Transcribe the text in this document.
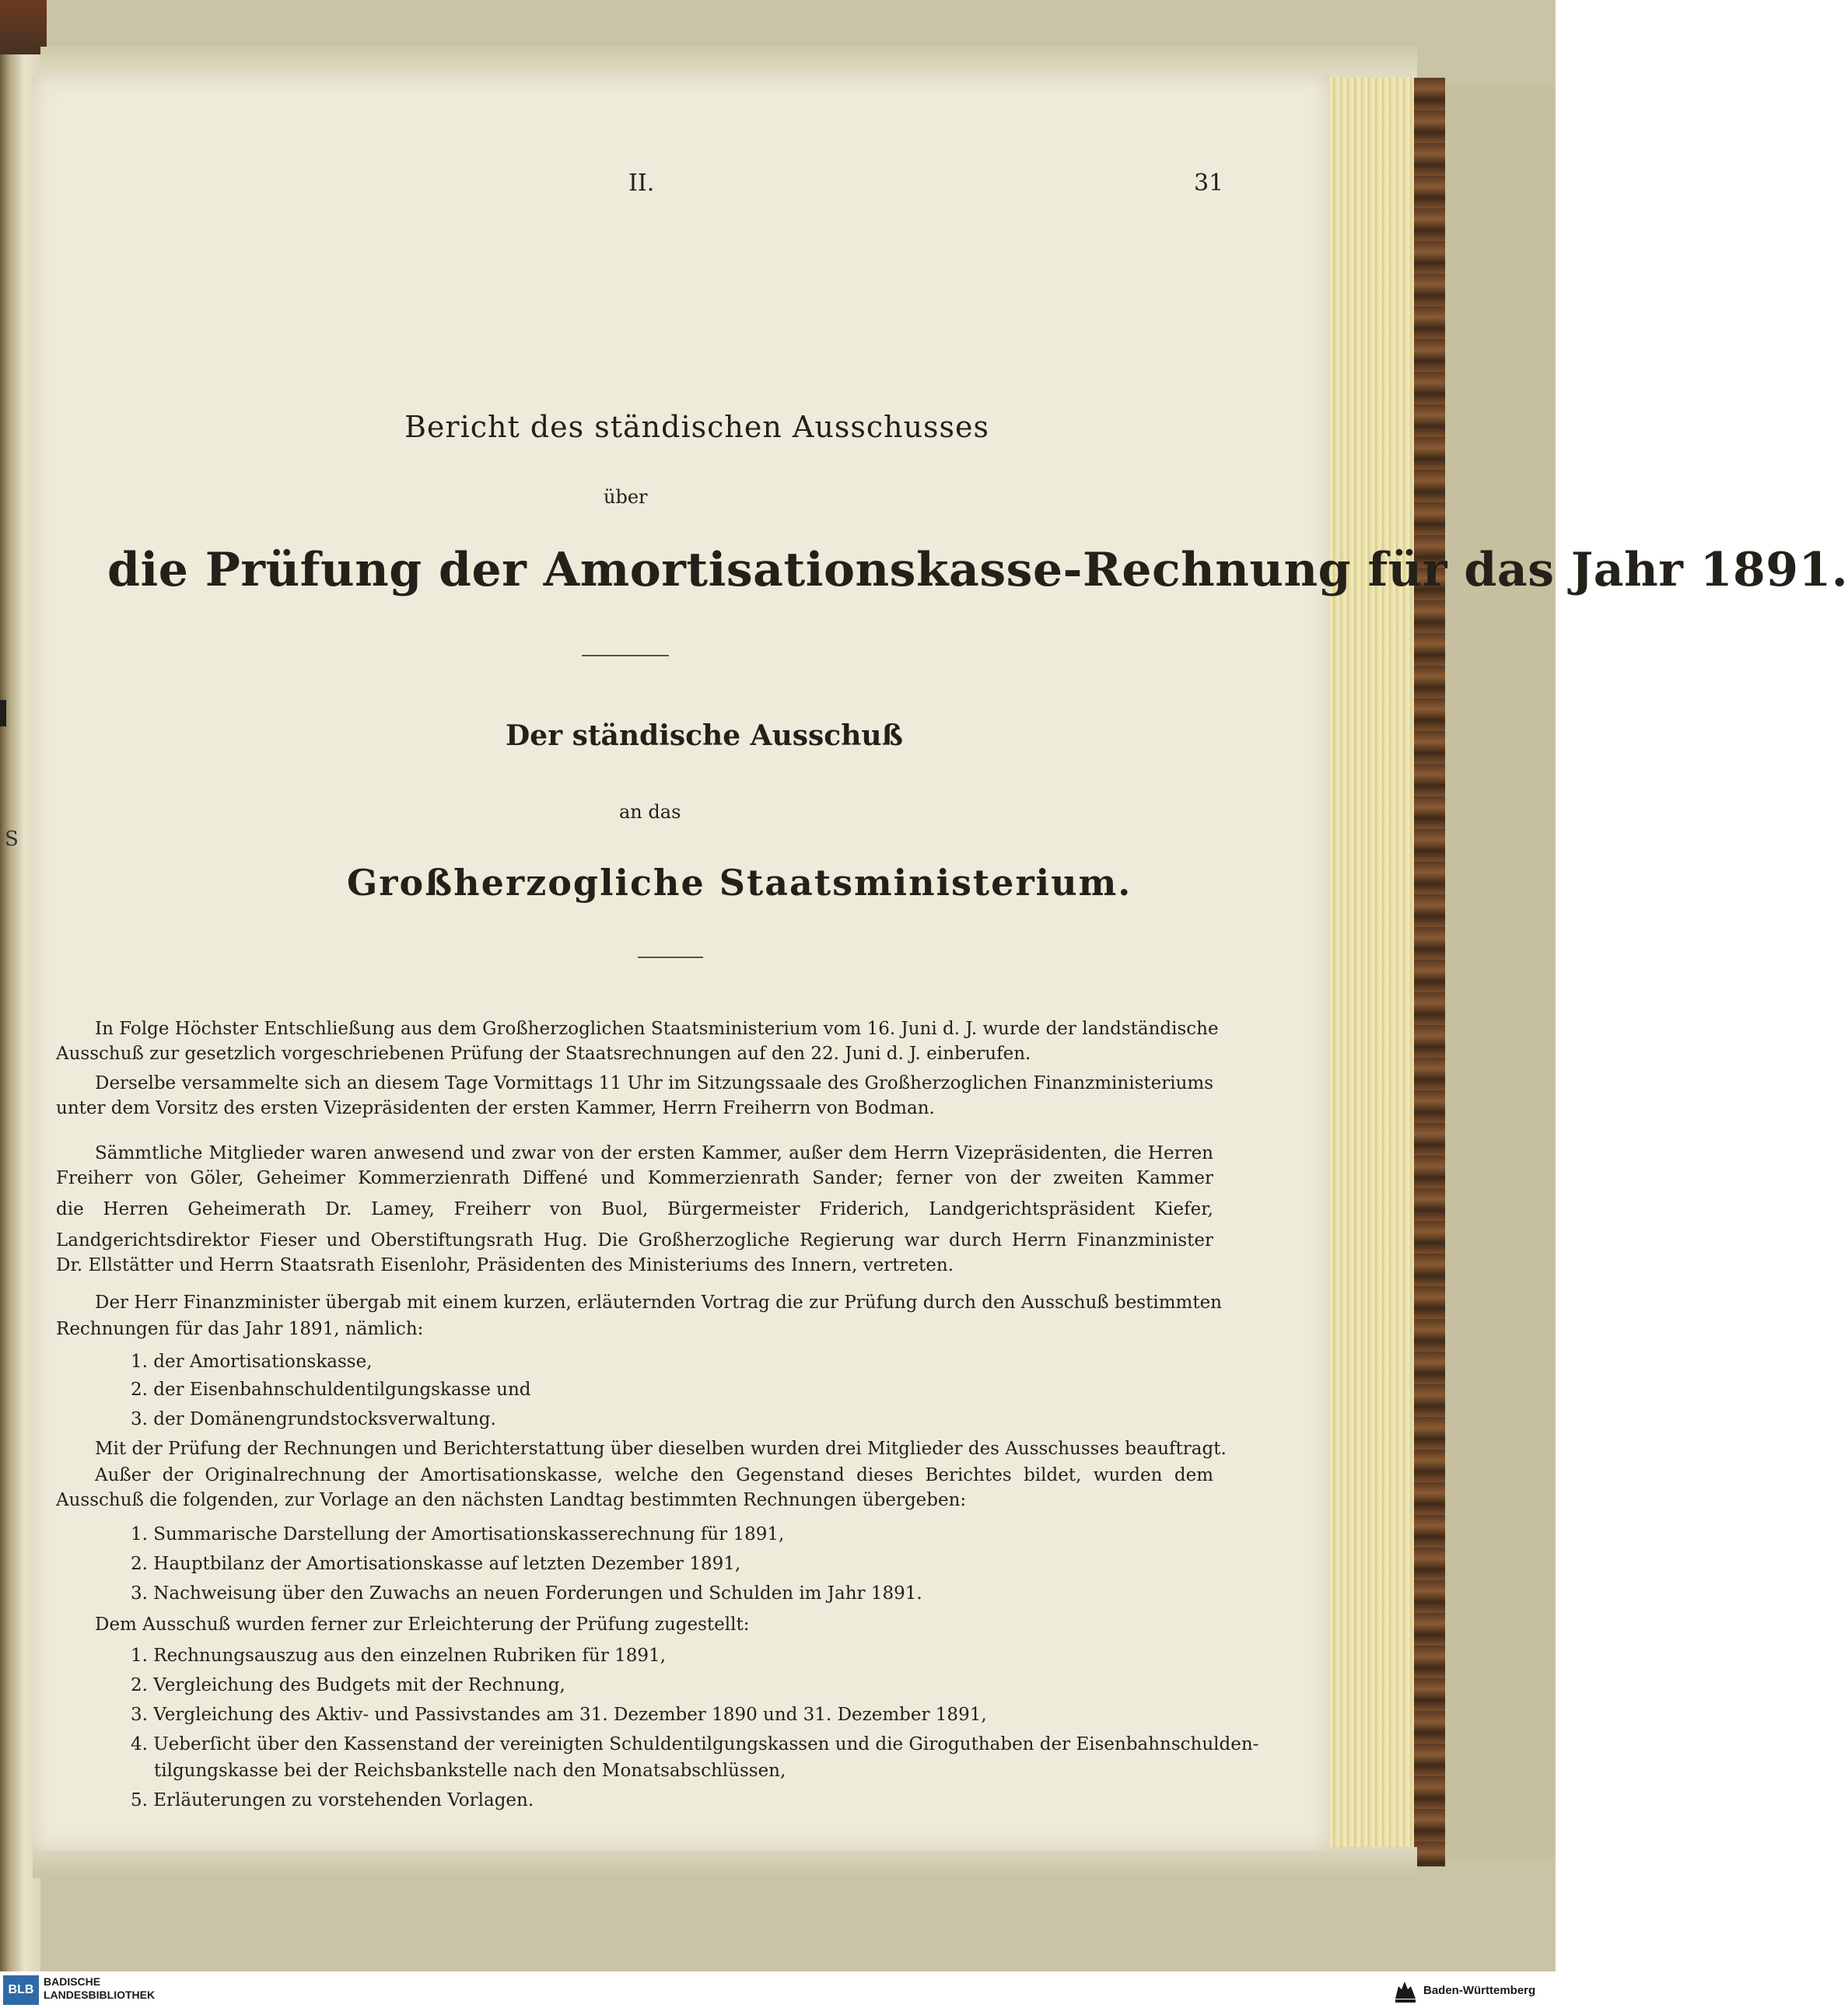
S
II.	31
Bericht des ständischen Ausschusses
über
die Prüfung der Amortisationskasse-Rechnung für das Jahr 1891.
Der ständische Ausschuß
an das
Großherzogliche Staatsministerium.
In Folge Höchster Entschließung aus dem Großherzoglichen Staatsministerium vom 16. Juni d. J. wurde der landständische
Ausschuß zur gesetzlich vorgeschriebenen Prüfung der Staatsrechnungen auf den 22. Juni d. J. einberufen.
Derselbe versammelte sich an diesem Tage Vormittags 11 Uhr im Sitzungssaale des Großherzoglichen Finanzministeriums
unter dem Vorsitz des ersten Vizepräsidenten der ersten Kammer, Herrn Freiherrn von Bodman.
Sämmtliche Mitglieder waren anwesend und zwar von der ersten Kammer, außer dem Herrn Vizepräsidenten, die Herren
Freiherr von Göler, Geheimer Kommerzienrath Diffené und Kommerzienrath Sander; ferner von der zweiten Kammer
die Herren Geheimerath Dr. Lamey, Freiherr von Buol, Bürgermeister Friderich, Landgerichtspräsident Kiefer,
Landgerichtsdirektor Fieser und Oberstiftungsrath Hug. Die Großherzogliche Regierung war durch Herrn Finanzminister
Dr. Ellstätter und Herrn Staatsrath Eisenlohr, Präsidenten des Ministeriums des Innern, vertreten.
Der Herr Finanzminister übergab mit einem kurzen, erläuternden Vortrag die zur Prüfung durch den Ausschuß bestimmten
Rechnungen für das Jahr 1891, nämlich:
1. der Amortisationskasse,
2. der Eisenbahnschuldentilgungskasse und
3. der Domänengrundstocksverwaltung.
Mit der Prüfung der Rechnungen und Berichterstattung über dieselben wurden drei Mitglieder des Ausschusses beauftragt.
Außer der Originalrechnung der Amortisationskasse, welche den Gegenstand dieses Berichtes bildet, wurden dem
Ausschuß die folgenden, zur Vorlage an den nächsten Landtag bestimmten Rechnungen übergeben:
1. Summarische Darstellung der Amortisationskasserechnung für 1891,
2. Hauptbilanz der Amortisationskasse auf letzten Dezember 1891,
3. Nachweisung über den Zuwachs an neuen Forderungen und Schulden im Jahr 1891.
Dem Ausschuß wurden ferner zur Erleichterung der Prüfung zugestellt:
1. Rechnungsauszug aus den einzelnen Rubriken für 1891,
2. Vergleichung des Budgets mit der Rechnung,
3. Vergleichung des Aktiv- und Passivstandes am 31. Dezember 1890 und 31. Dezember 1891,
4. Ueberſicht über den Kassenstand der vereinigten Schuldentilgungskassen und die Giroguthaben der Eisenbahnschulden-
tilgungskasse bei der Reichsbankstelle nach den Monatsabschlüssen,
5. Erläuterungen zu vorstehenden Vorlagen.
BLB
BADISCHE
LANDESBIBLIOTHEK	Baden-Württemberg
